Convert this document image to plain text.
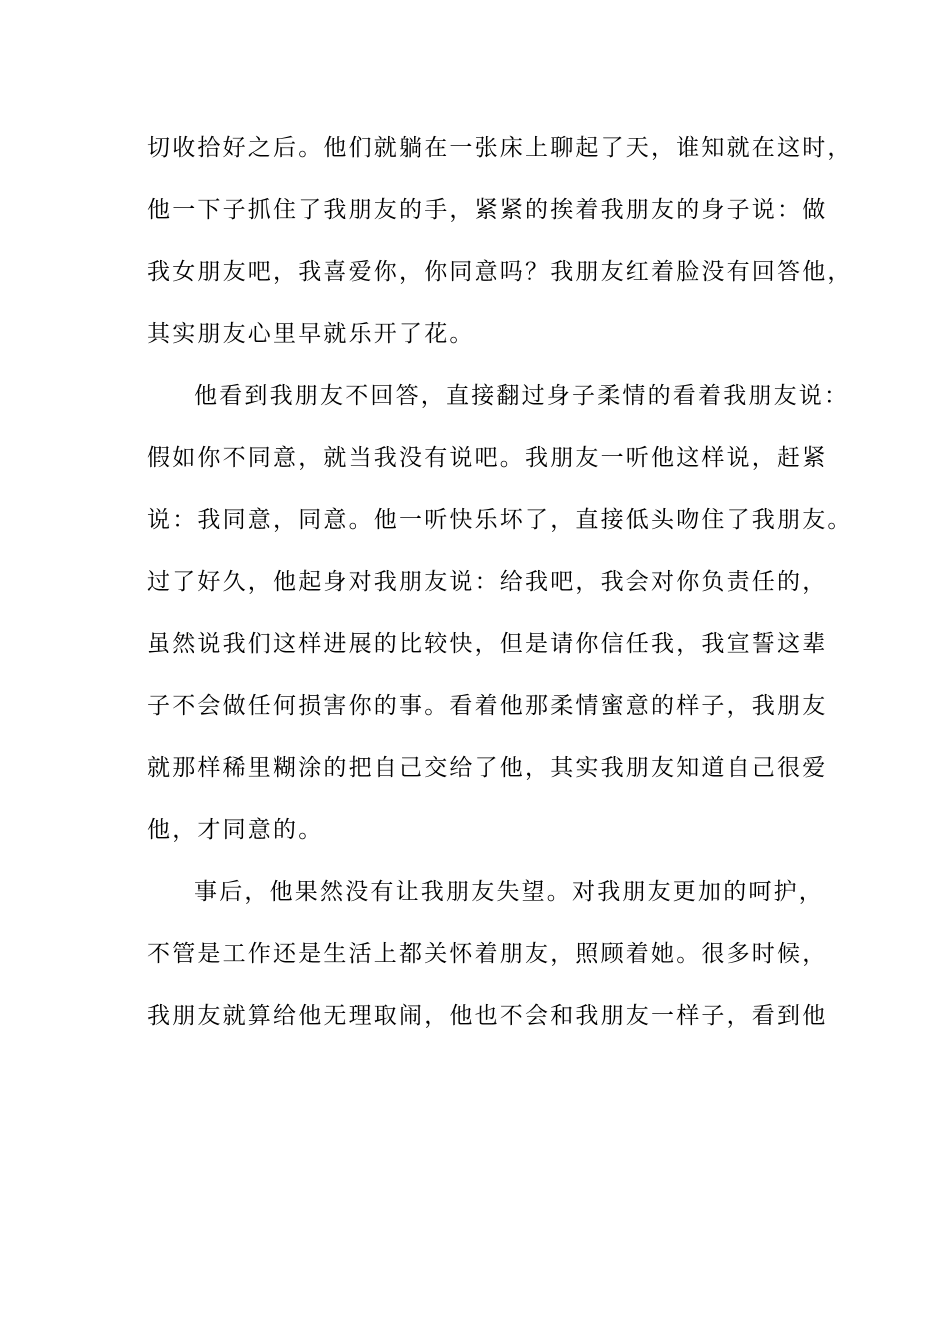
切收拾好之后。他们就躺在一张床上聊起了天，谁知就在这时，
他一下子抓住了我朋友的手，紧紧的挨着我朋友的身子说：做
我女朋友吧，我喜爱你，你同意吗？我朋友红着脸没有回答他，
其实朋友心里早就乐开了花。
他看到我朋友不回答，直接翻过身子柔情的看着我朋友说：
假如你不同意，就当我没有说吧。我朋友一听他这样说，赶紧
说：我同意，同意。他一听快乐坏了，直接低头吻住了我朋友。
过了好久，他起身对我朋友说：给我吧，我会对你负责任的，
虽然说我们这样进展的比较快，但是请你信任我，我宣誓这辈
子不会做任何损害你的事。看着他那柔情蜜意的样子，我朋友
就那样稀里糊涂的把自己交给了他，其实我朋友知道自己很爱
他，才同意的。
事后，他果然没有让我朋友失望。对我朋友更加的呵护，
不管是工作还是生活上都关怀着朋友，照顾着她。很多时候，
我朋友就算给他无理取闹，他也不会和我朋友一样子，看到他
